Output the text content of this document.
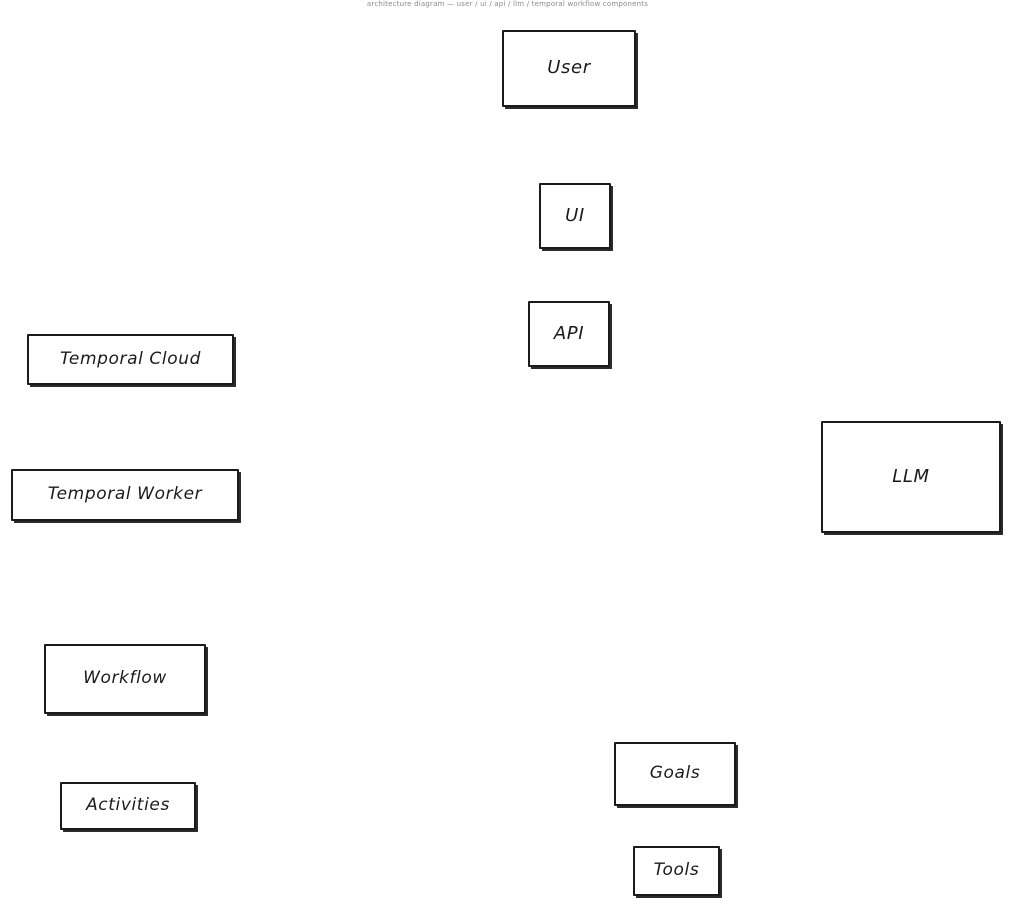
architecture diagram — user / ui / api / llm / temporal workflow components
User
UI
API
Temporal Cloud
Temporal Worker
LLM
Workflow
Activities
Goals
Tools
